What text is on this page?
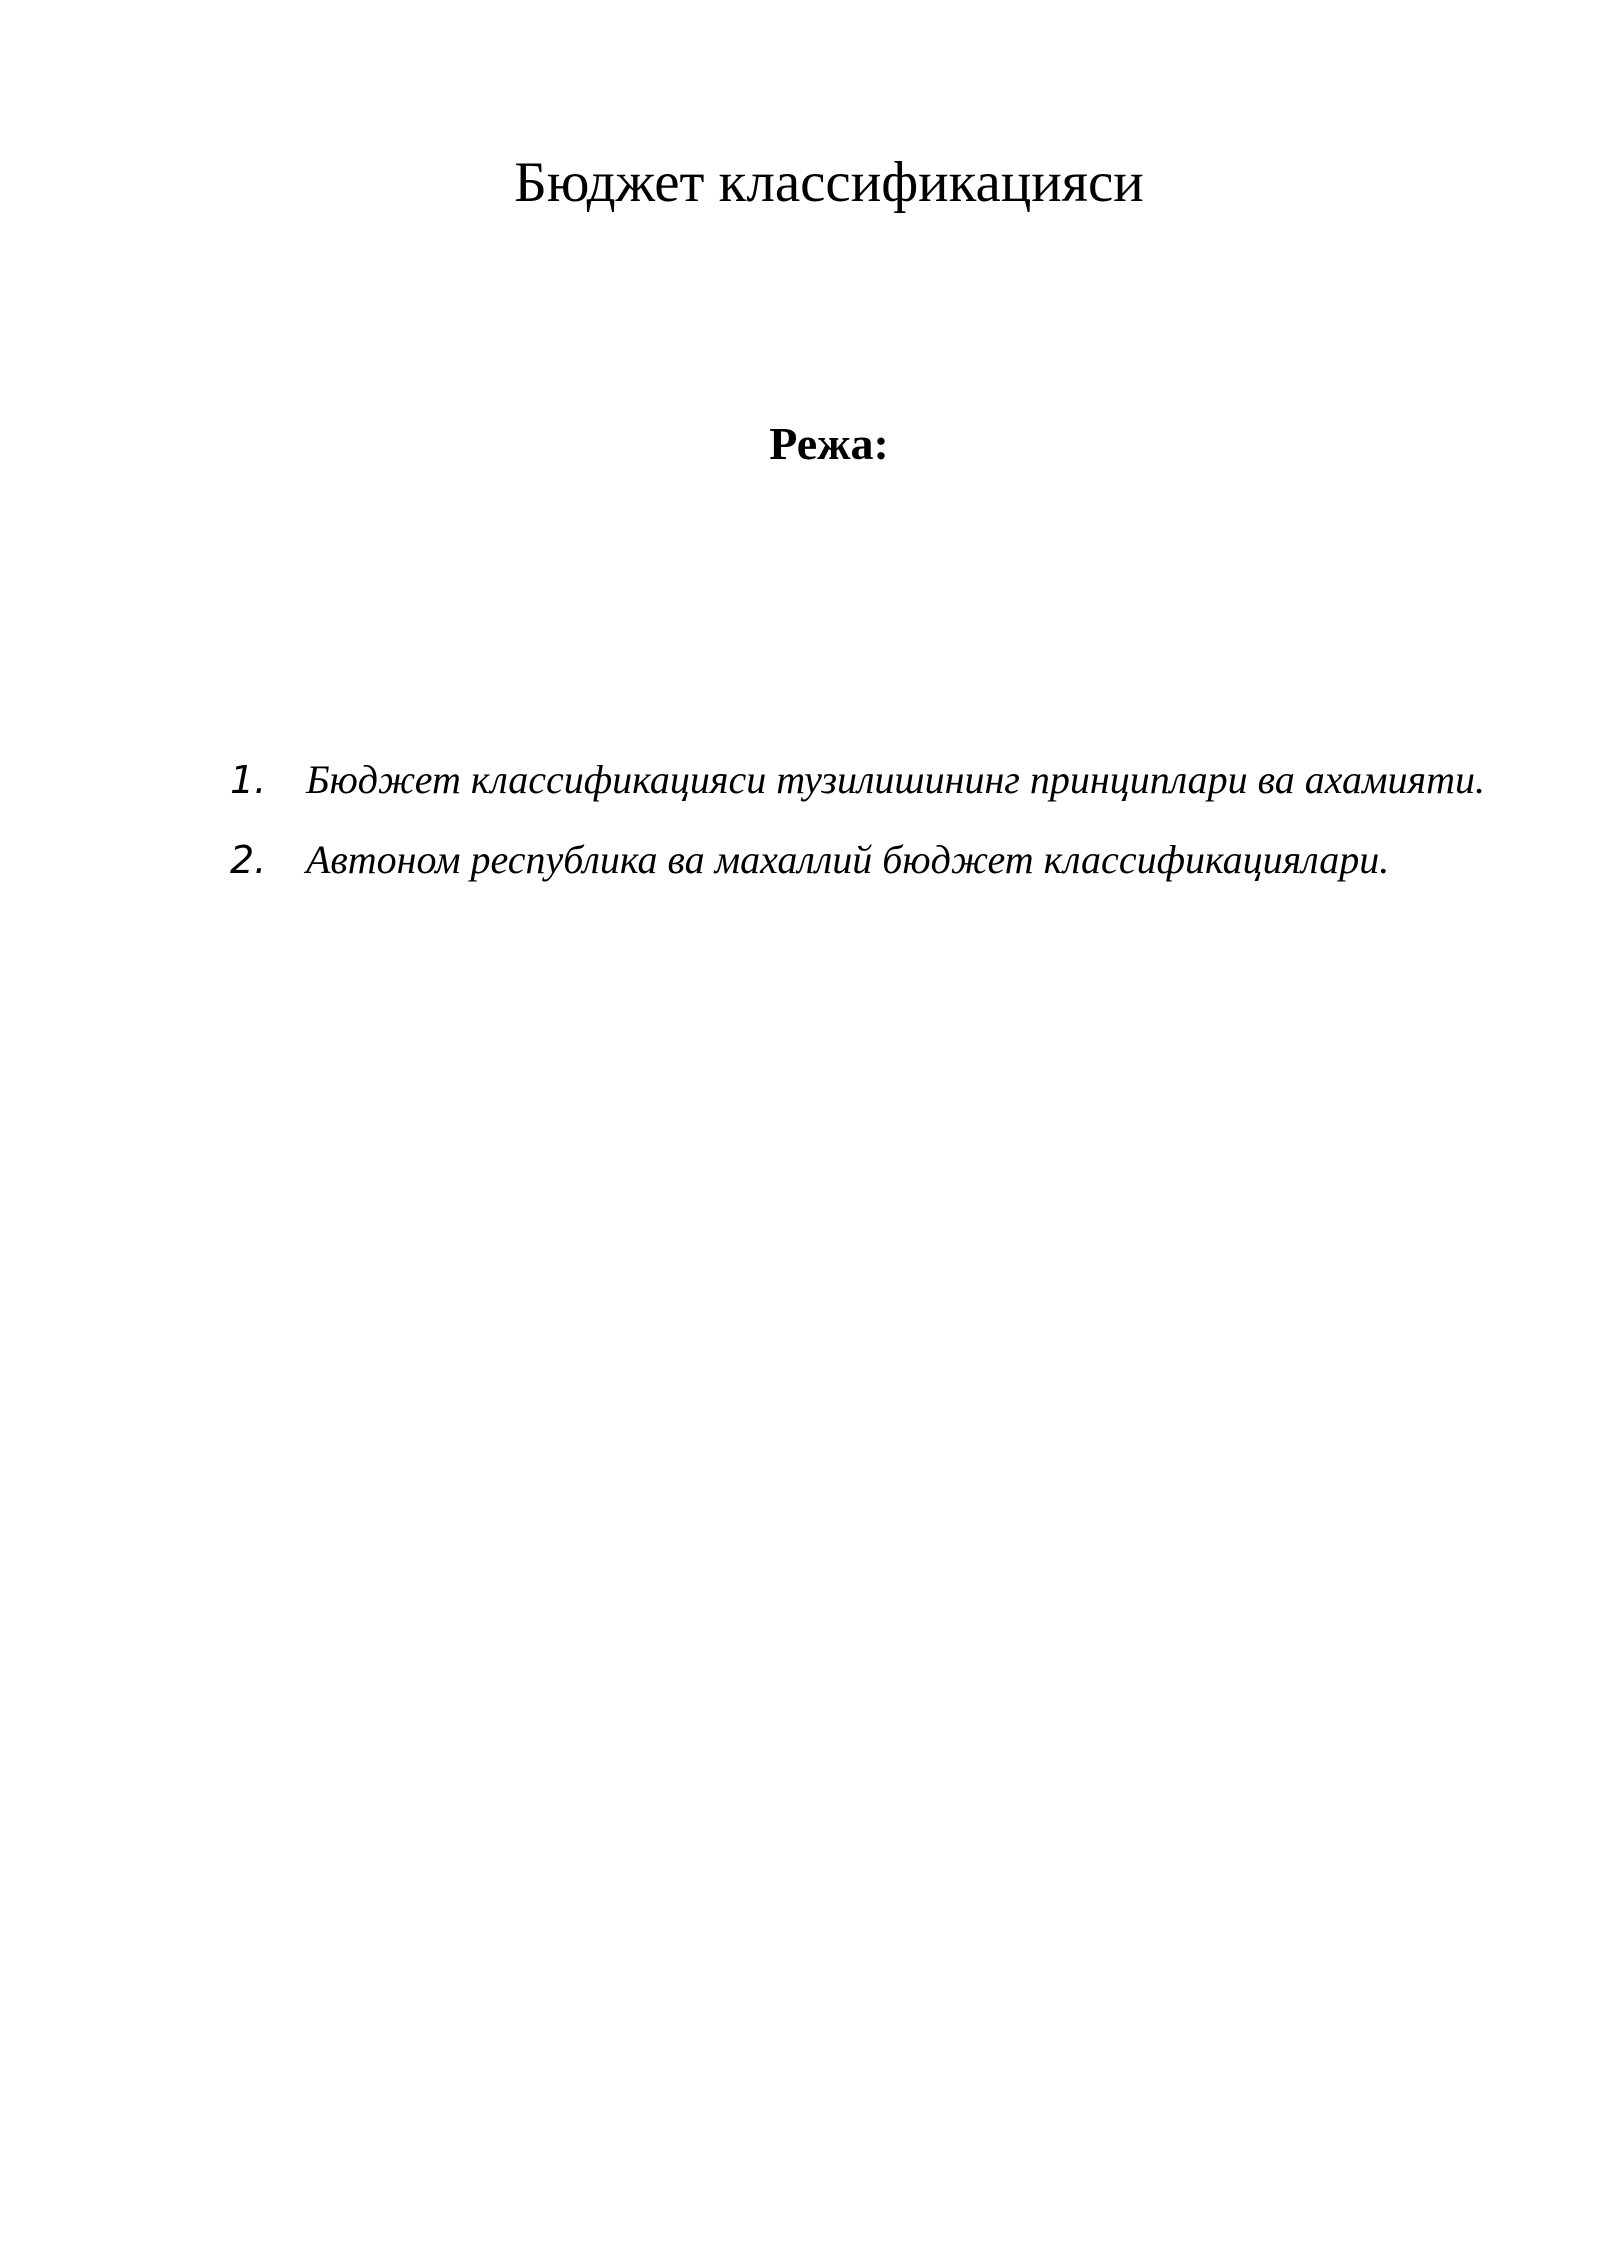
Бюджет классификацияси
Режа:
1. Бюджет классификацияси тузилишининг принциплари ва ахамияти.
2. Автоном республика ва махаллий бюджет классификациялари.
